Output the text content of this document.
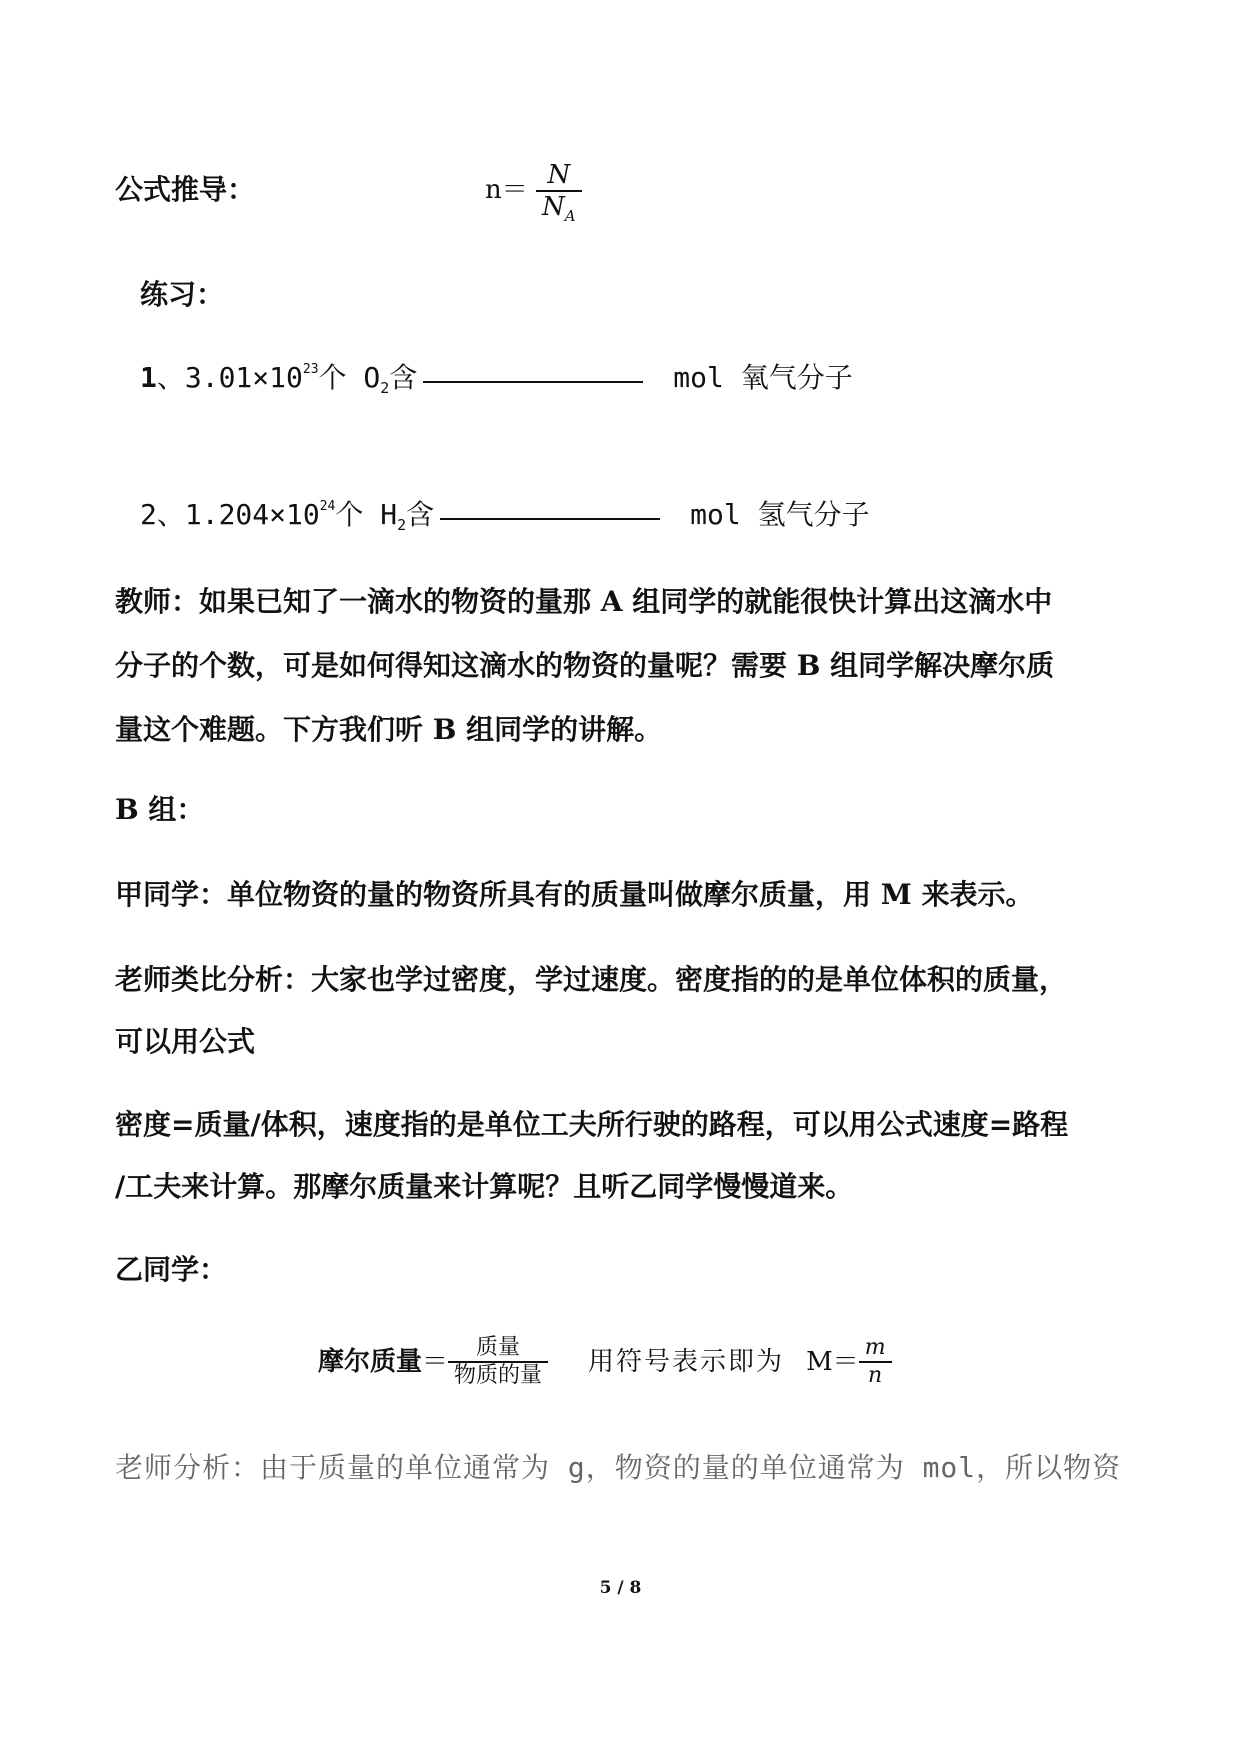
公式推导：	$n= \frac{N}{N_A}$
练习：
1、$3.01\times 10^{23}$个 $O_2$含	mol 氧气分子
2、$1.204\times 10^{24}$个 $H_2$含	mol 氢气分子
教师：如果已知了一滴水的物资的量那 A 组同学的就能很快计算出这滴水中
分子的个数，可是如何得知这滴水的物资的量呢？需要 B 组同学解决摩尔质
量这个难题。下方我们听 B 组同学的讲解。
B 组：
甲同学：单位物资的量的物资所具有的质量叫做摩尔质量，用 M 来表示。
老师类比分析：大家也学过密度，学过速度。密度指的的是单位体积的质量，
可以用公式
密度=质量/体积，速度指的是单位工夫所行驶的路程，可以用公式速度=路程
/工夫来计算。那摩尔质量来计算呢？且听乙同学慢慢道来。
乙同学：
摩尔质量 ＝ $\frac{\text{质量}}{\text{物质的量}}$ 用符号表示即为 $M= \frac{m}{n}$
老师分析：由于质量的单位通常为 g，物资的量的单位通常为 mol，所以物资
5 / 8
